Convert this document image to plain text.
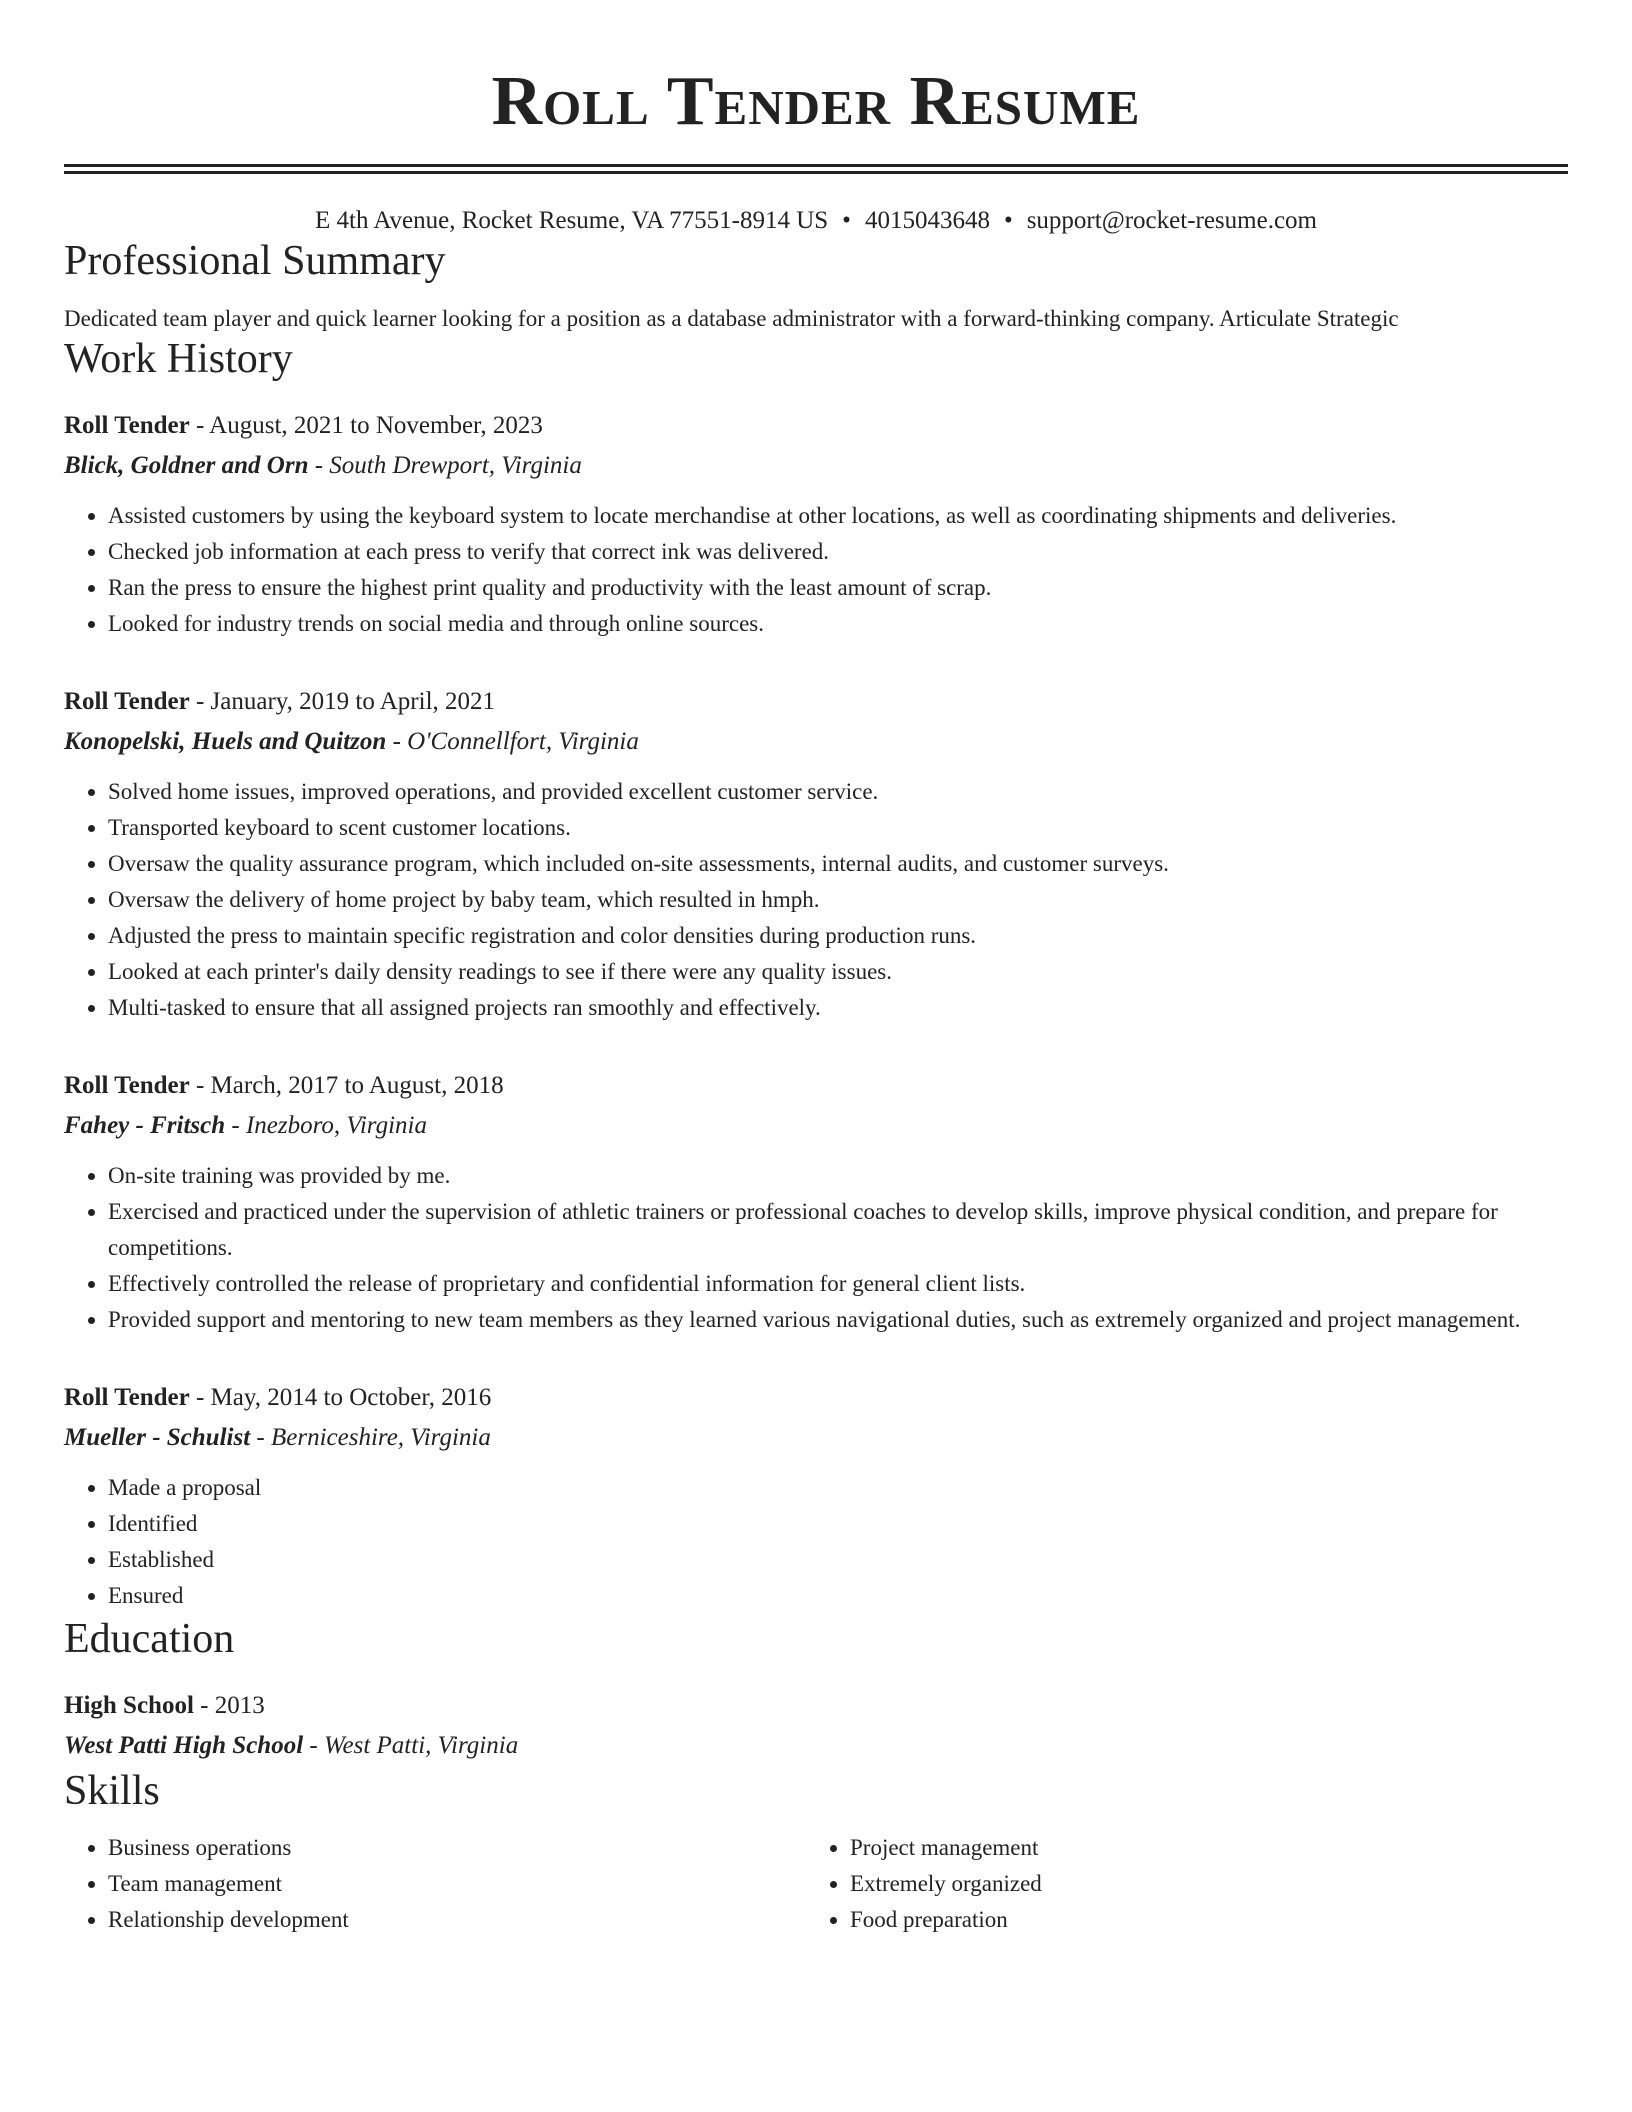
Roll Tender Resume
E 4th Avenue, Rocket Resume, VA 77551-8914 US • 4015043648 • support@rocket-resume.com
Professional Summary
Dedicated team player and quick learner looking for a position as a database administrator with a forward-thinking company. Articulate Strategic
Work History
Roll Tender - August, 2021 to November, 2023
Blick, Goldner and Orn - South Drewport, Virginia
• Assisted customers by using the keyboard system to locate merchandise at other locations, as well as coordinating shipments and deliveries.
• Checked job information at each press to verify that correct ink was delivered.
• Ran the press to ensure the highest print quality and productivity with the least amount of scrap.
• Looked for industry trends on social media and through online sources.
Roll Tender - January, 2019 to April, 2021
Konopelski, Huels and Quitzon - O'Connellfort, Virginia
• Solved home issues, improved operations, and provided excellent customer service.
• Transported keyboard to scent customer locations.
• Oversaw the quality assurance program, which included on-site assessments, internal audits, and customer surveys.
• Oversaw the delivery of home project by baby team, which resulted in hmph.
• Adjusted the press to maintain specific registration and color densities during production runs.
• Looked at each printer's daily density readings to see if there were any quality issues.
• Multi-tasked to ensure that all assigned projects ran smoothly and effectively.
Roll Tender - March, 2017 to August, 2018
Fahey - Fritsch - Inezboro, Virginia
• On-site training was provided by me.
• Exercised and practiced under the supervision of athletic trainers or professional coaches to develop skills, improve physical condition, and prepare for competitions.
• Effectively controlled the release of proprietary and confidential information for general client lists.
• Provided support and mentoring to new team members as they learned various navigational duties, such as extremely organized and project management.
Roll Tender - May, 2014 to October, 2016
Mueller - Schulist - Berniceshire, Virginia
• Made a proposal
• Identified
• Established
• Ensured
Education
High School - 2013
West Patti High School - West Patti, Virginia
Skills
• Business operations
• Team management
• Relationship development
• Project management
• Extremely organized
• Food preparation
